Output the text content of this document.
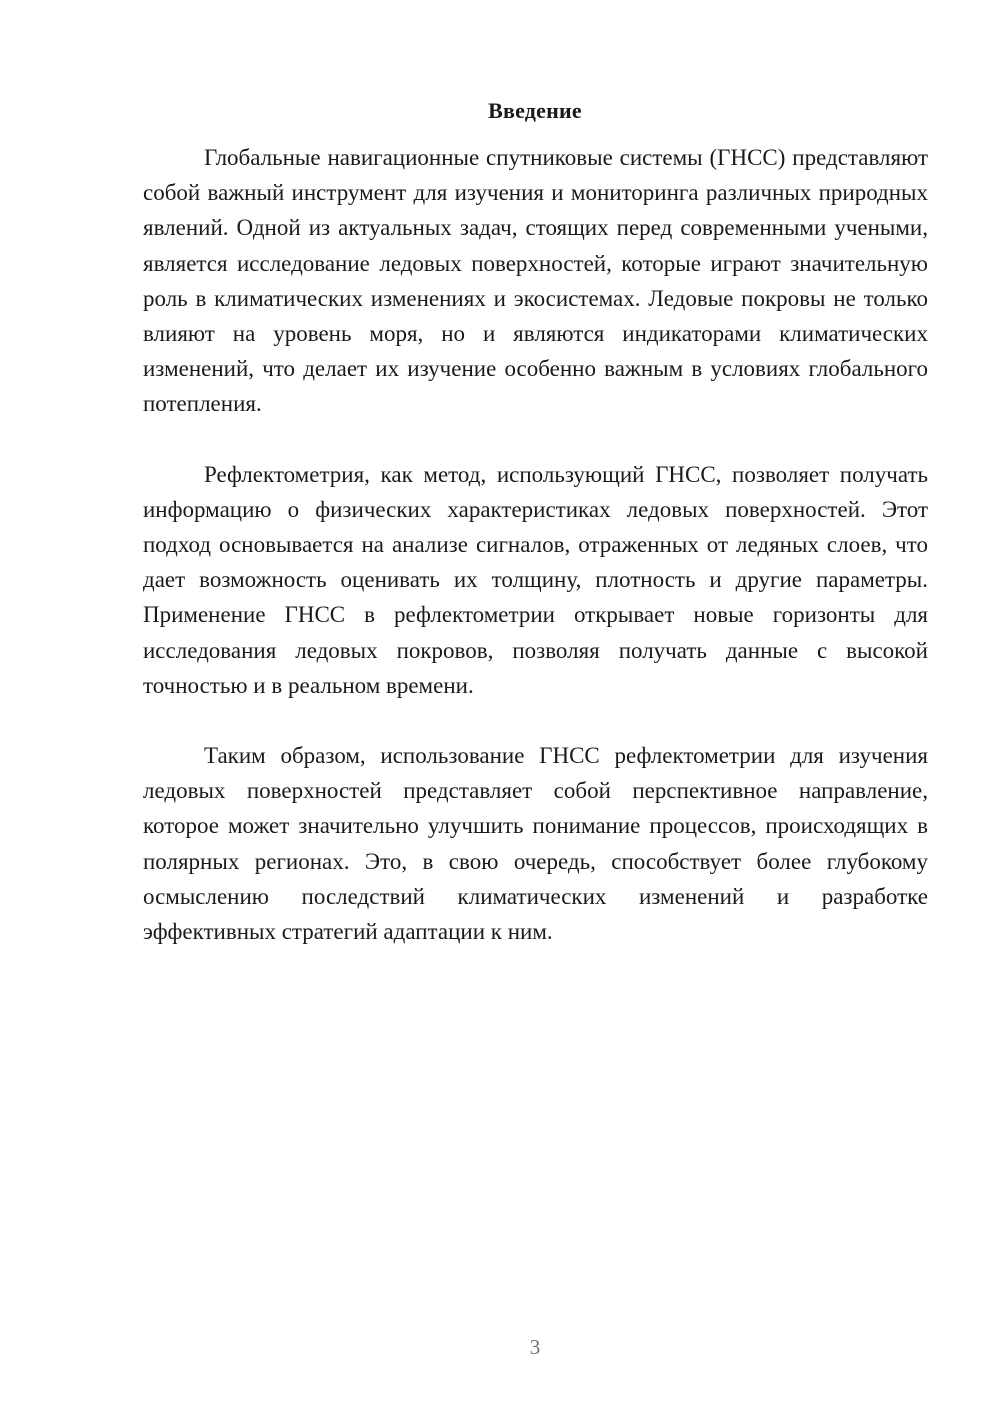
Введение

Глобальные навигационные спутниковые системы (ГНСС) представляют собой важный инструмент для изучения и мониторинга различных природных явлений. Одной из актуальных задач, стоящих перед современными учеными, является исследование ледовых поверхностей, которые играют значительную роль в климатических изменениях и экосистемах. Ледовые покровы не только влияют на уровень моря, но и являются индикаторами климатических изменений, что делает их изучение особенно важным в условиях глобального потепления.

Рефлектометрия, как метод, использующий ГНСС, позволяет получать информацию о физических характеристиках ледовых поверхностей. Этот подход основывается на анализе сигналов, отраженных от ледяных слоев, что дает возможность оценивать их толщину, плотность и другие параметры. Применение ГНСС в рефлектометрии открывает новые горизонты для исследования ледовых покровов, позволяя получать данные с высокой точностью и в реальном времени.

Таким образом, использование ГНСС рефлектометрии для изучения ледовых поверхностей представляет собой перспективное направление, которое может значительно улучшить понимание процессов, происходящих в полярных регионах. Это, в свою очередь, способствует более глубокому осмыслению последствий климатических изменений и разработке эффективных стратегий адаптации к ним.

3
